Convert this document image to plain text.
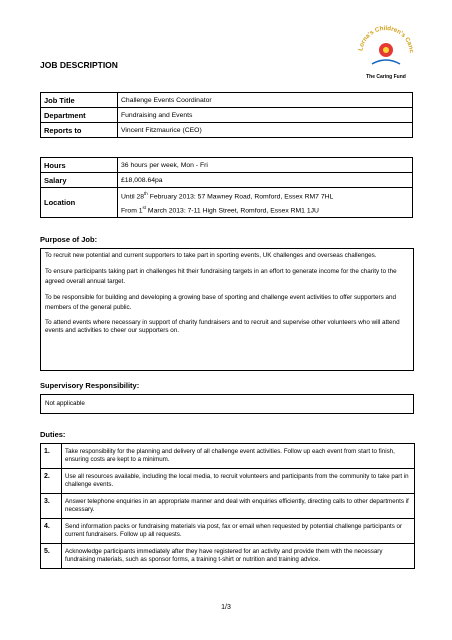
Lorna's Children's Canc
The Caring Fund
JOB DESCRIPTION
Job Title	Challenge Events Coordinator
Department	Fundraising and Events
Reports to	Vincent Fitzmaurice (CEO)
Hours	36 hours per week, Mon - Fri
Salary	£18,008.64pa
Location	Until 28th February 2013: 57 Mawney Road, Romford, Essex RM7 7HL
From 1st March 2013: 7-11 High Street, Romford, Essex RM1 1JU
Purpose of Job:

To recruit new potential and current supporters to take part in sporting events, UK challenges and overseas challenges.

To ensure participants taking part in challenges hit their fundraising targets in an effort to generate income for the charity to the agreed overall annual target.

To be responsible for building and developing a growing base of sporting and challenge event activities to offer supporters and members of the general public.

To attend events where necessary in support of charity fundraisers and to recruit and supervise other volunteers who will attend events and activities to cheer our supporters on.

Supervisory Responsibility:
Not applicable
Duties:
1.	Take responsibility for the planning and delivery of all challenge event activities. Follow up each event from start to finish, ensuring costs are kept to a minimum.
2.	Use all resources available, including the local media, to recruit volunteers and participants from the community to take part in challenge events.
3.	Answer telephone enquiries in an appropriate manner and deal with enquiries efficiently, directing calls to other departments if necessary.
4.	Send information packs or fundraising materials via post, fax or email when requested by potential challenge participants or current fundraisers. Follow up all requests.
5.	Acknowledge participants immediately after they have registered for an activity and provide them with the necessary fundraising materials, such as sponsor forms, a training t-shirt or nutrition and training advice.
1/3
